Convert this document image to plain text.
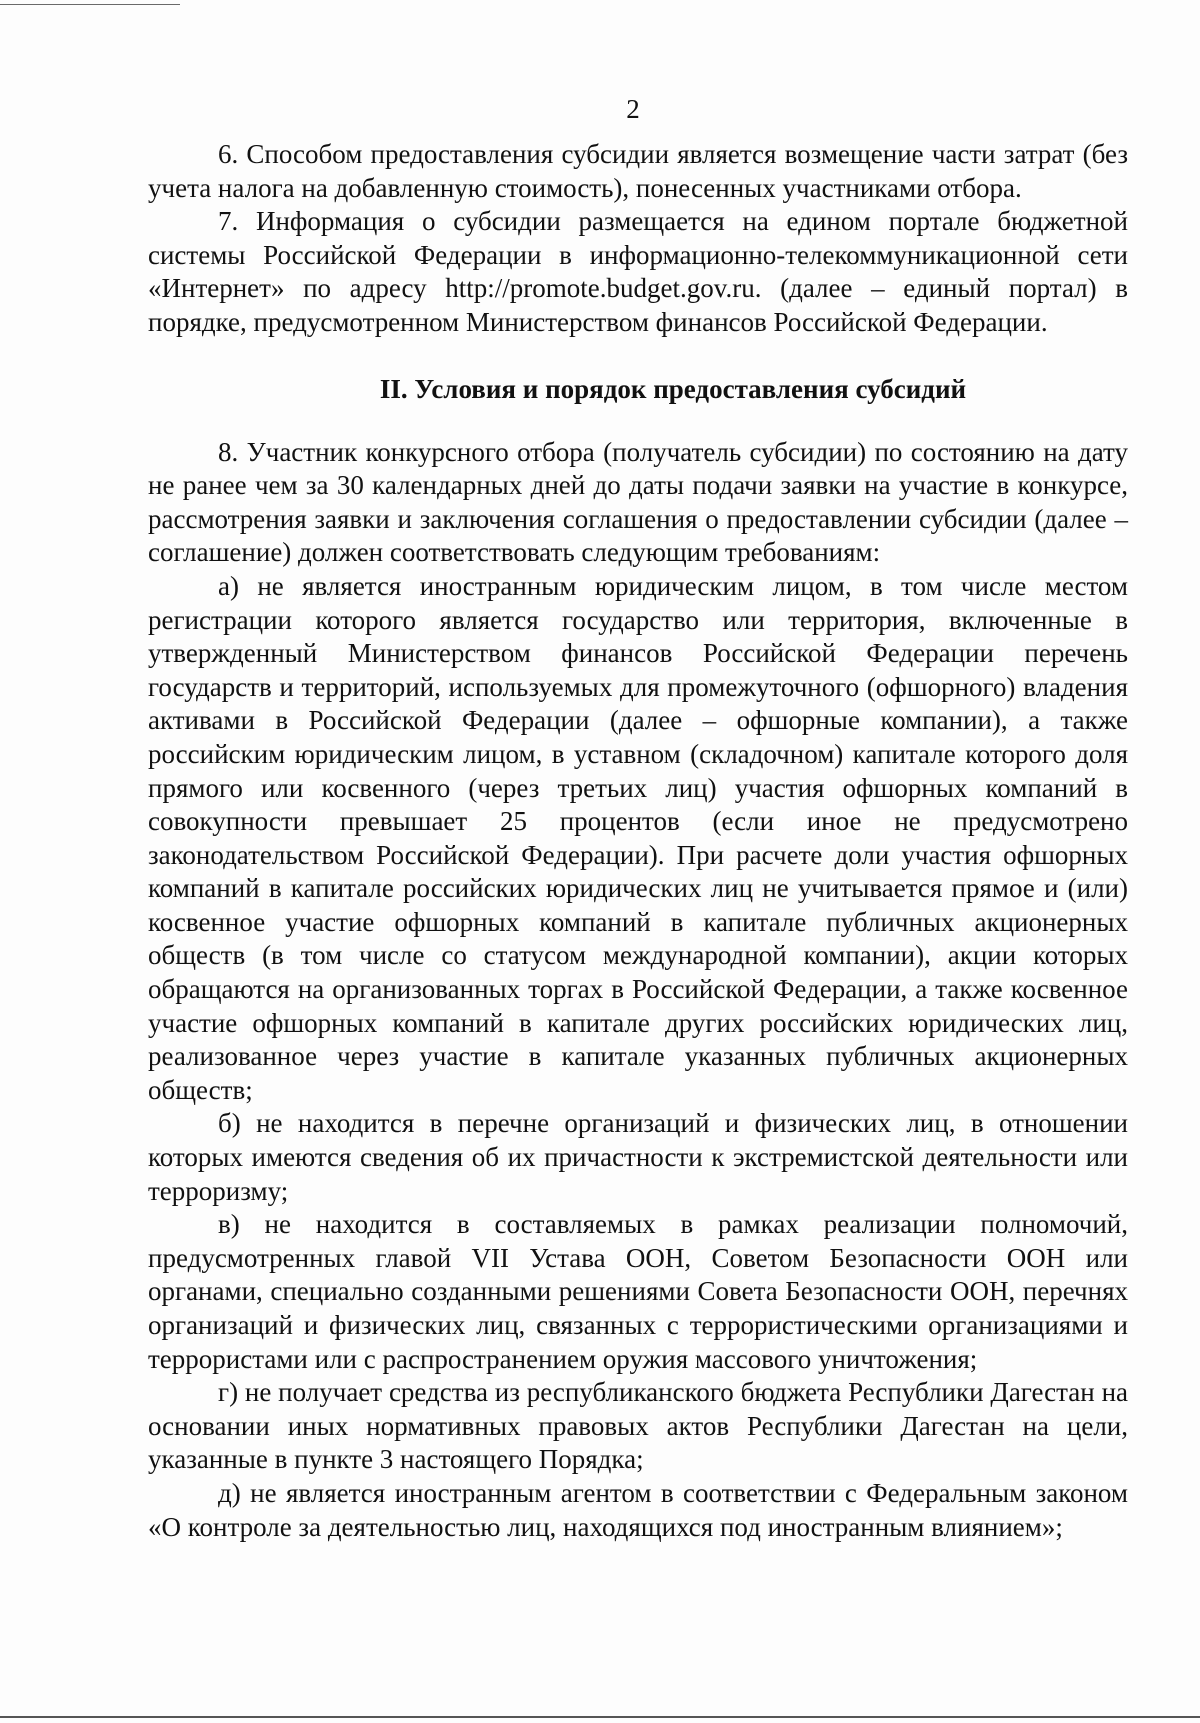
2

6. Способом предоставления субсидии является возмещение части затрат (без учета налога на добавленную стоимость), понесенных участниками отбора.

7. Информация о субсидии размещается на едином портале бюджетной системы Российской Федерации в информационно-телекоммуникационной сети «Интернет» по адресу http://promote.budget.gov.ru. (далее – единый портал) в порядке, предусмотренном Министерством финансов Российской Федерации.

II. Условия и порядок предоставления субсидий

8. Участник конкурсного отбора (получатель субсидии) по состоянию на дату не ранее чем за 30 календарных дней до даты подачи заявки на участие в конкурсе, рассмотрения заявки и заключения соглашения о предоставлении субсидии (далее – соглашение) должен соответствовать следующим требованиям:

а) не является иностранным юридическим лицом, в том числе местом регистрации которого является государство или территория, включенные в утвержденный Министерством финансов Российской Федерации перечень государств и территорий, используемых для промежуточного (офшорного) владения активами в Российской Федерации (далее – офшорные компании), а также российским юридическим лицом, в уставном (складочном) капитале которого доля прямого или косвенного (через третьих лиц) участия офшорных компаний в совокупности превышает 25 процентов (если иное не предусмотрено законодательством Российской Федерации). При расчете доли участия офшорных компаний в капитале российских юридических лиц не учитывается прямое и (или) косвенное участие офшорных компаний в капитале публичных акционерных обществ (в том числе со статусом международной компании), акции которых обращаются на организованных торгах в Российской Федерации, а также косвенное участие офшорных компаний в капитале других российских юридических лиц, реализованное через участие в капитале указанных публичных акционерных обществ;

б) не находится в перечне организаций и физических лиц, в отношении которых имеются сведения об их причастности к экстремистской деятельности или терроризму;

в) не находится в составляемых в рамках реализации полномочий, предусмотренных главой VII Устава ООН, Советом Безопасности ООН или органами, специально созданными решениями Совета Безопасности ООН, перечнях организаций и физических лиц, связанных с террористическими организациями и террористами или с распространением оружия массового уничтожения;

г) не получает средства из республиканского бюджета Республики Дагестан на основании иных нормативных правовых актов Республики Дагестан на цели, указанные в пункте 3 настоящего Порядка;

д) не является иностранным агентом в соответствии с Федеральным законом «О контроле за деятельностью лиц, находящихся под иностранным влиянием»;
